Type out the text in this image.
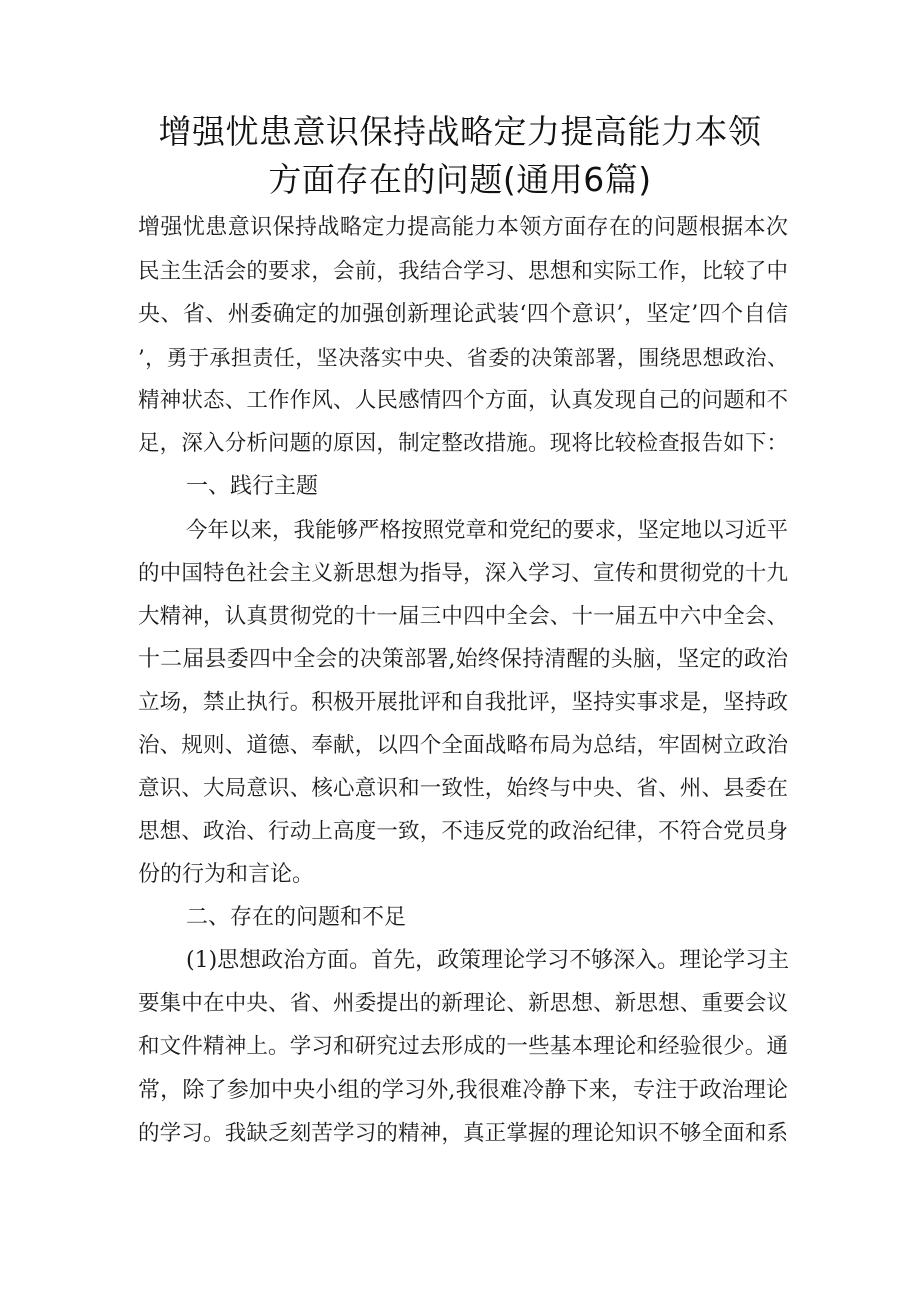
增强忧患意识保持战略定力提高能力本领
方面存在的问题(通用6篇)
增强忧患意识保持战略定力提高能力本领方面存在的问题根据本次
民主生活会的要求，会前，我结合学习、思想和实际工作，比较了中
央、省、州委确定的加强创新理论武装‘四个意识’，坚定’四个自信
’，勇于承担责任，坚决落实中央、省委的决策部署，围绕思想政治、
精神状态、工作作风、人民感情四个方面，认真发现自己的问题和不
足，深入分析问题的原因，制定整改措施。现将比较检查报告如下：
一、践行主题
今年以来，我能够严格按照党章和党纪的要求，坚定地以习近平
的中国特色社会主义新思想为指导，深入学习、宣传和贯彻党的十九
大精神，认真贯彻党的十一届三中四中全会、十一届五中六中全会、
十二届县委四中全会的决策部署,始终保持清醒的头脑，坚定的政治
立场，禁止执行。积极开展批评和自我批评，坚持实事求是，坚持政
治、规则、道德、奉献，以四个全面战略布局为总结，牢固树立政治
意识、大局意识、核心意识和一致性，始终与中央、省、州、县委在
思想、政治、行动上高度一致，不违反党的政治纪律，不符合党员身
份的行为和言论。
二、存在的问题和不足
(1)思想政治方面。首先，政策理论学习不够深入。理论学习主
要集中在中央、省、州委提出的新理论、新思想、新思想、重要会议
和文件精神上。学习和研究过去形成的一些基本理论和经验很少。通
常，除了参加中央小组的学习外,我很难冷静下来，专注于政治理论
的学习。我缺乏刻苦学习的精神，真正掌握的理论知识不够全面和系
